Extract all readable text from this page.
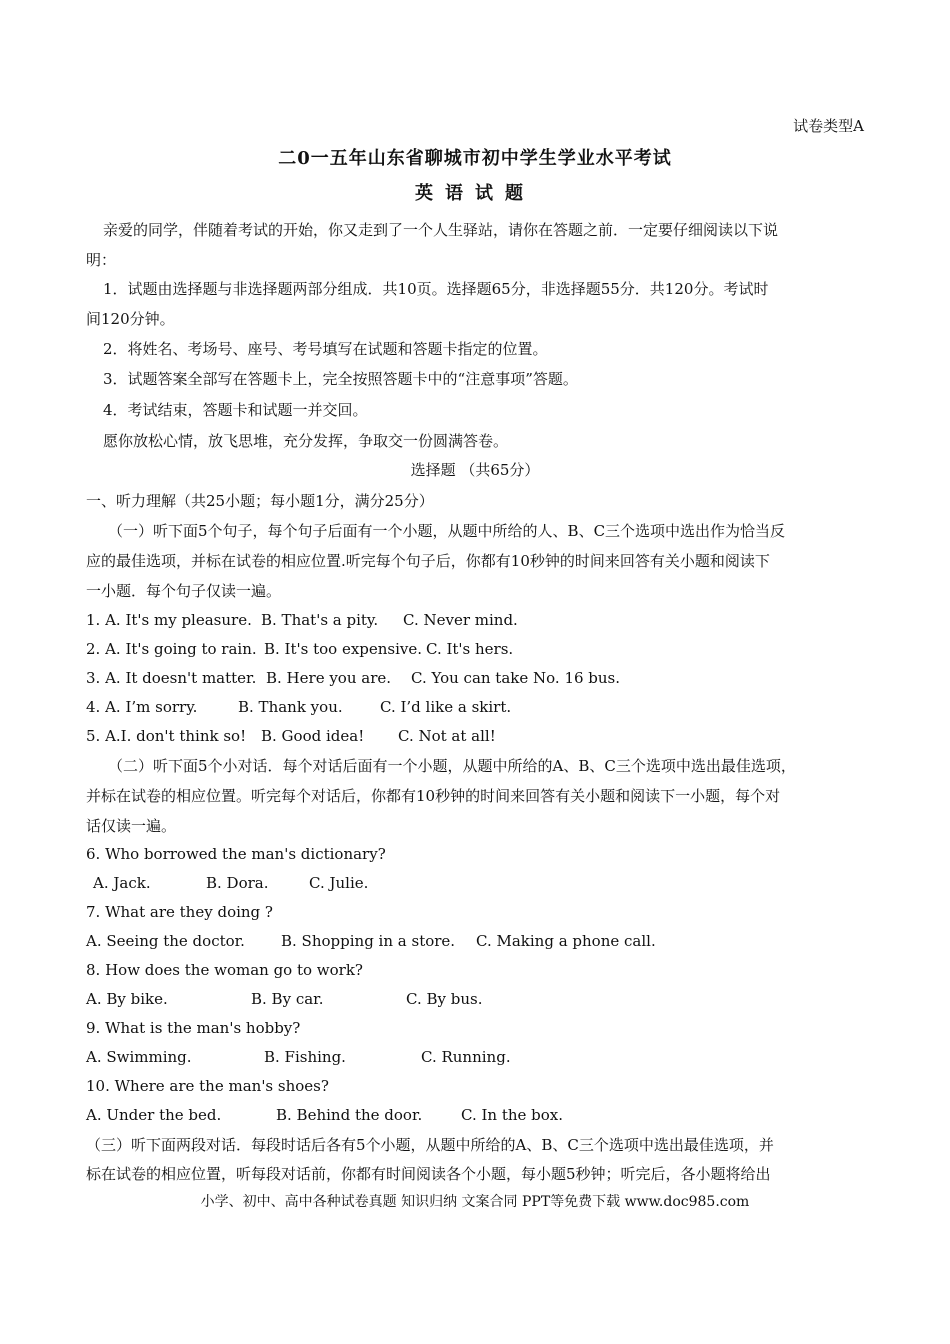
试卷类型A
二0一五年山东省聊城市初中学生学业水平考试
英语试题
亲爱的同学，伴随着考试的开始，你又走到了一个人生驿站，请你在答题之前．一定要仔细阅读以下说
明：
1．试题由选择题与非选择题两部分组成．共10页。选择题65分，非选择题55分．共120分。考试时
间120分钟。
2．将姓名、考场号、座号、考号填写在试题和答题卡指定的位置。
3．试题答案全部写在答题卡上，完全按照答题卡中的“注意事项”答题。
4．考试结束，答题卡和试题一并交回。
愿你放松心情，放飞思堆，充分发挥，争取交一份圆满答卷。
选择题 （共65分）
一、听力理解（共25小题；每小题1分，满分25分）
（一）听下面5个句子，每个句子后面有一个小题，从题中所给的人、B、C三个选项中选出作为恰当反
应的最佳选项，并标在试卷的相应位置.听完每个句子后，你都有10秒钟的时间来回答有关小题和阅读下
一小题．每个句子仅读一遍。
1. A. It's my pleasure. B. That's a pity. C. Never mind.
2. A. It's going to rain. B. It's too expensive. C. It's hers.
3. A. It doesn't matter. B. Here you are. C. You can take No. 16 bus.
4. A. I’m sorry.	B. Thank you. C. I’d like a skirt.
5. A.I. don't think so! B. Good idea! C. Not at all!
（二）听下面5个小对话．每个对话后面有一个小题，从题中所给的A、B、C三个选项中选出最佳选项，
并标在试卷的相应位置。听完每个对话后，你都有10秒钟的时间来回答有关小题和阅读下一小题，每个对
话仅读一遍。
6. Who borrowed the man's dictionary?
A. Jack.	B. Dora.	C. Julie.
7. What are they doing ?
A. Seeing the doctor. B. Shopping in a store. C. Making a phone call.
8. How does the woman go to work?
A. By bike.	B. By car.	C. By bus.
9. What is the man's hobby?
A. Swimming.	B. Fishing.	C. Running.
10. Where are the man's shoes?
A. Under the bed.	B. Behind the door.	C. In the box.
（三）听下面两段对话．每段时话后各有5个小题，从题中所给的A、B、C三个选项中选出最佳选项，并
标在试卷的相应位置，听每段对话前，你都有时间阅读各个小题，每小题5秒钟；听完后，各小题将给出
小学、初中、高中各种试卷真题 知识归纳 文案合同 PPT等免费下载 www.doc985.com
